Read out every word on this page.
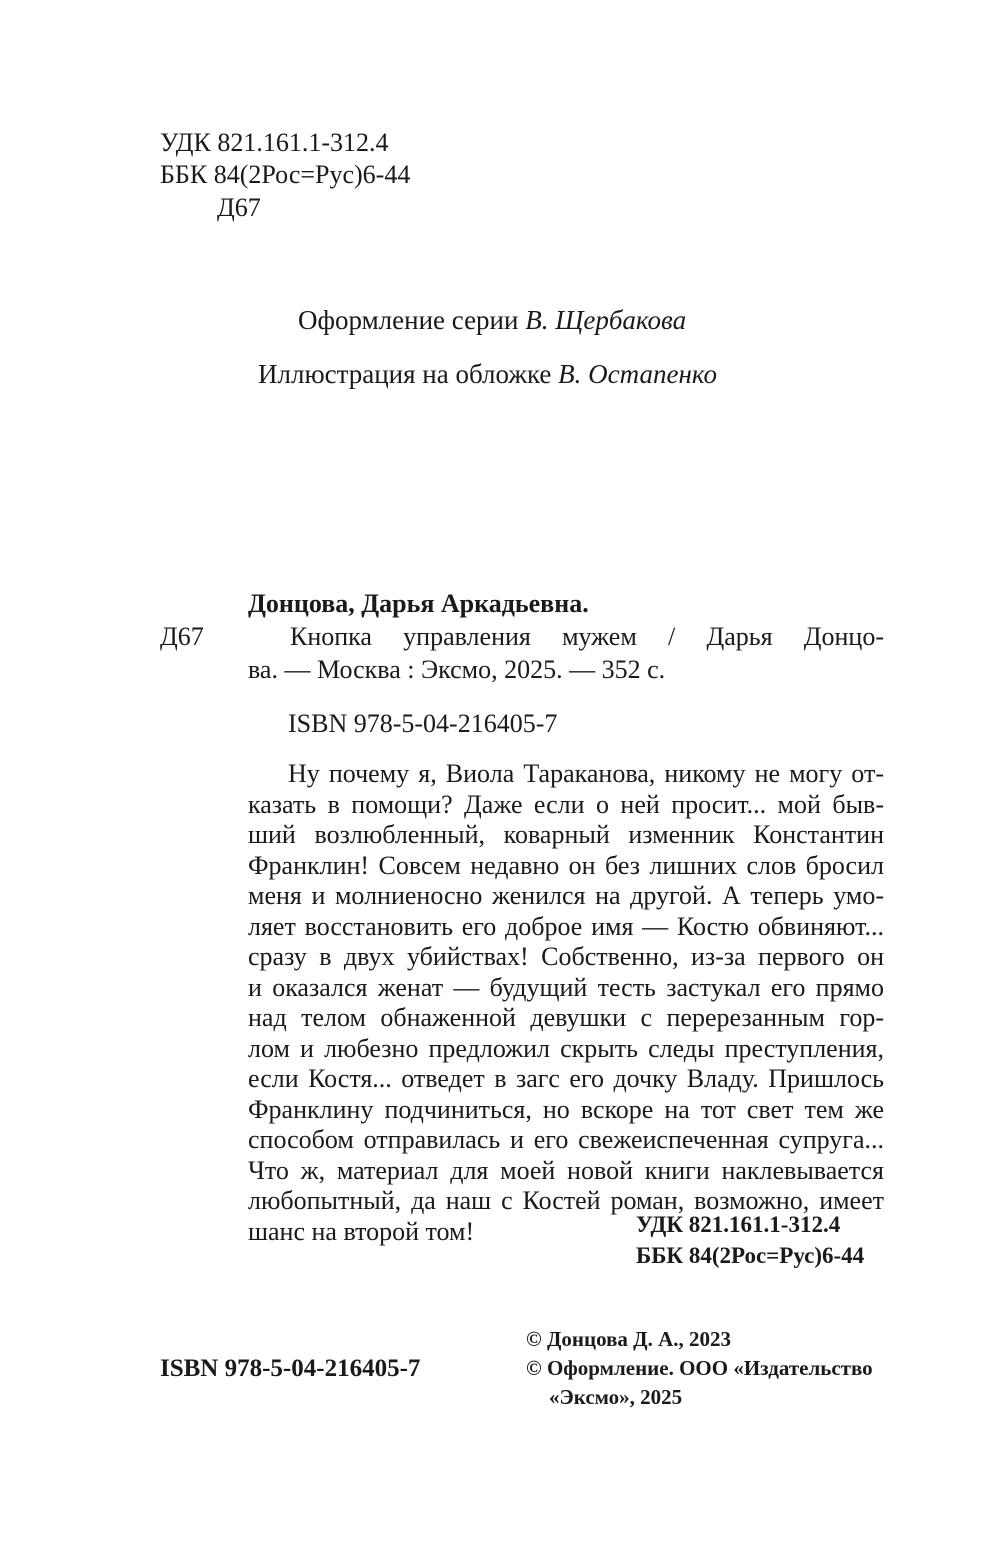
УДК 821.161.1-312.4
ББК 84(2Рос=Рус)6-44
Д67
Оформление серии В. Щербакова
Иллюстрация на обложке В. Остапенко
Донцова, Дарья Аркадьевна.
Д67	Кнопка управления мужем / Дарья Донцо-
ва. — Москва : Эксмо, 2025. — 352 с.
ISBN 978-5-04-216405-7
Ну почему я, Виола Тараканова, никому не могу от-
казать в помощи? Даже если о ней просит... мой быв-
ший возлюбленный, коварный изменник Константин
Франклин! Совсем недавно он без лишних слов бросил
меня и молниеносно женился на другой. А теперь умо-
ляет восстановить его доброе имя — Костю обвиняют...
сразу в двух убийствах! Собственно, из-за первого он
и оказался женат — будущий тесть застукал его прямо
над телом обнаженной девушки с перерезанным гор-
лом и любезно предложил скрыть следы преступления,
если Костя... отведет в загс его дочку Владу. Пришлось
Франклину подчиниться, но вскоре на тот свет тем же
способом отправилась и его свежеиспеченная супруга...
Что ж, материал для моей новой книги наклевывается
любопытный, да наш с Костей роман, возможно, имеет
шанс на второй том!	УДК 821.161.1-312.4
ББК 84(2Рос=Рус)6-44
ISBN 978-5-04-216405-7
© Донцова Д. А., 2023
© Оформление. ООО «Издательство
«Эксмо», 2025
